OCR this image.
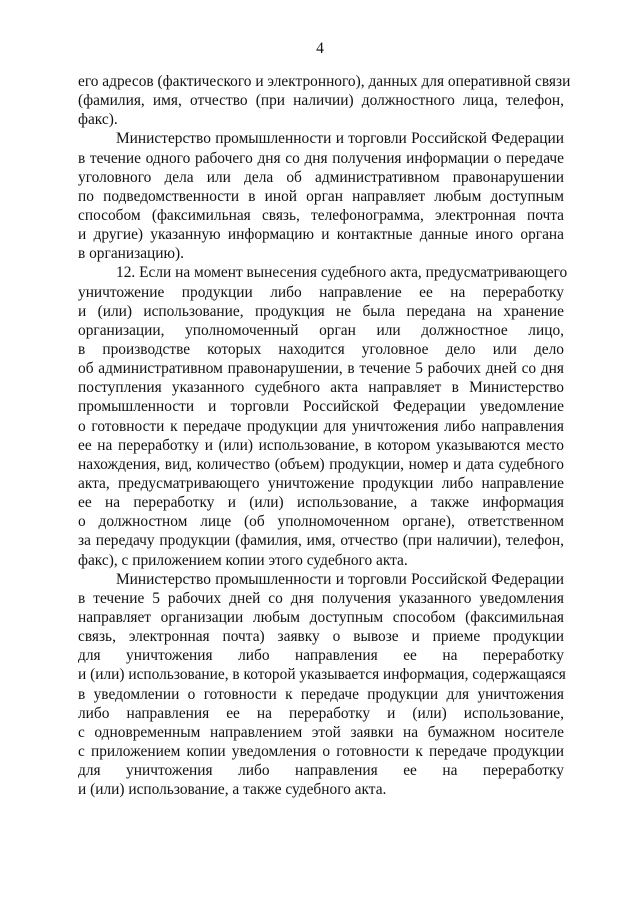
4
его адресов (фактического и электронного), данных для оперативной связи
(фамилия, имя, отчество (при наличии) должностного лица, телефон,
факс).
Министерство промышленности и торговли Российской Федерации
в течение одного рабочего дня со дня получения информации о передаче
уголовного дела или дела об административном правонарушении
по подведомственности в иной орган направляет любым доступным
способом (факсимильная связь, телефонограмма, электронная почта
и другие) указанную информацию и контактные данные иного органа
в организацию).
12. Если на момент вынесения судебного акта, предусматривающего
уничтожение продукции либо направление ее на переработку
и (или) использование, продукция не была передана на хранение
организации, уполномоченный орган или должностное лицо,
в производстве которых находится уголовное дело или дело
об административном правонарушении, в течение 5 рабочих дней со дня
поступления указанного судебного акта направляет в Министерство
промышленности и торговли Российской Федерации уведомление
о готовности к передаче продукции для уничтожения либо направления
ее на переработку и (или) использование, в котором указываются место
нахождения, вид, количество (объем) продукции, номер и дата судебного
акта, предусматривающего уничтожение продукции либо направление
ее на переработку и (или) использование, а также информация
о должностном лице (об уполномоченном органе), ответственном
за передачу продукции (фамилия, имя, отчество (при наличии), телефон,
факс), с приложением копии этого судебного акта.
Министерство промышленности и торговли Российской Федерации
в течение 5 рабочих дней со дня получения указанного уведомления
направляет организации любым доступным способом (факсимильная
связь, электронная почта) заявку о вывозе и приеме продукции
для уничтожения либо направления ее на переработку
и (или) использование, в которой указывается информация, содержащаяся
в уведомлении о готовности к передаче продукции для уничтожения
либо направления ее на переработку и (или) использование,
с одновременным направлением этой заявки на бумажном носителе
с приложением копии уведомления о готовности к передаче продукции
для уничтожения либо направления ее на переработку
и (или) использование, а также судебного акта.
